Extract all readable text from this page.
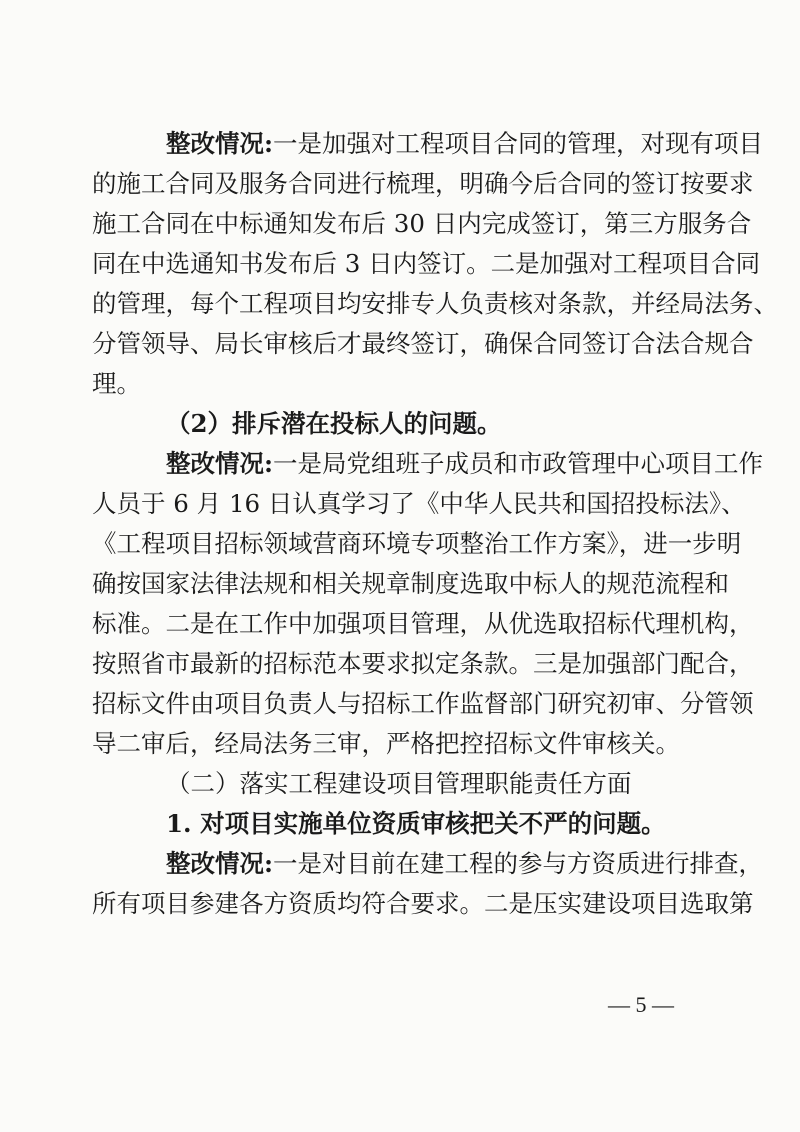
整改情况:一是加强对工程项目合同的管理，对现有项目
的施工合同及服务合同进行梳理，明确今后合同的签订按要求
施工合同在中标通知发布后 30 日内完成签订，第三方服务合
同在中选通知书发布后 3 日内签订。二是加强对工程项目合同
的管理，每个工程项目均安排专人负责核对条款，并经局法务、
分管领导、局长审核后才最终签订，确保合同签订合法合规合
理。
（2）排斥潜在投标人的问题。
整改情况:一是局党组班子成员和市政管理中心项目工作
人员于 6 月 16 日认真学习了《中华人民共和国招投标法》、
《工程项目招标领域营商环境专项整治工作方案》，进一步明
确按国家法律法规和相关规章制度选取中标人的规范流程和
标准。二是在工作中加强项目管理，从优选取招标代理机构，
按照省市最新的招标范本要求拟定条款。三是加强部门配合，
招标文件由项目负责人与招标工作监督部门研究初审、分管领
导二审后，经局法务三审，严格把控招标文件审核关。
（二）落实工程建设项目管理职能责任方面
1. 对项目实施单位资质审核把关不严的问题。
整改情况:一是对目前在建工程的参与方资质进行排查，
所有项目参建各方资质均符合要求。二是压实建设项目选取第
— 5 —
